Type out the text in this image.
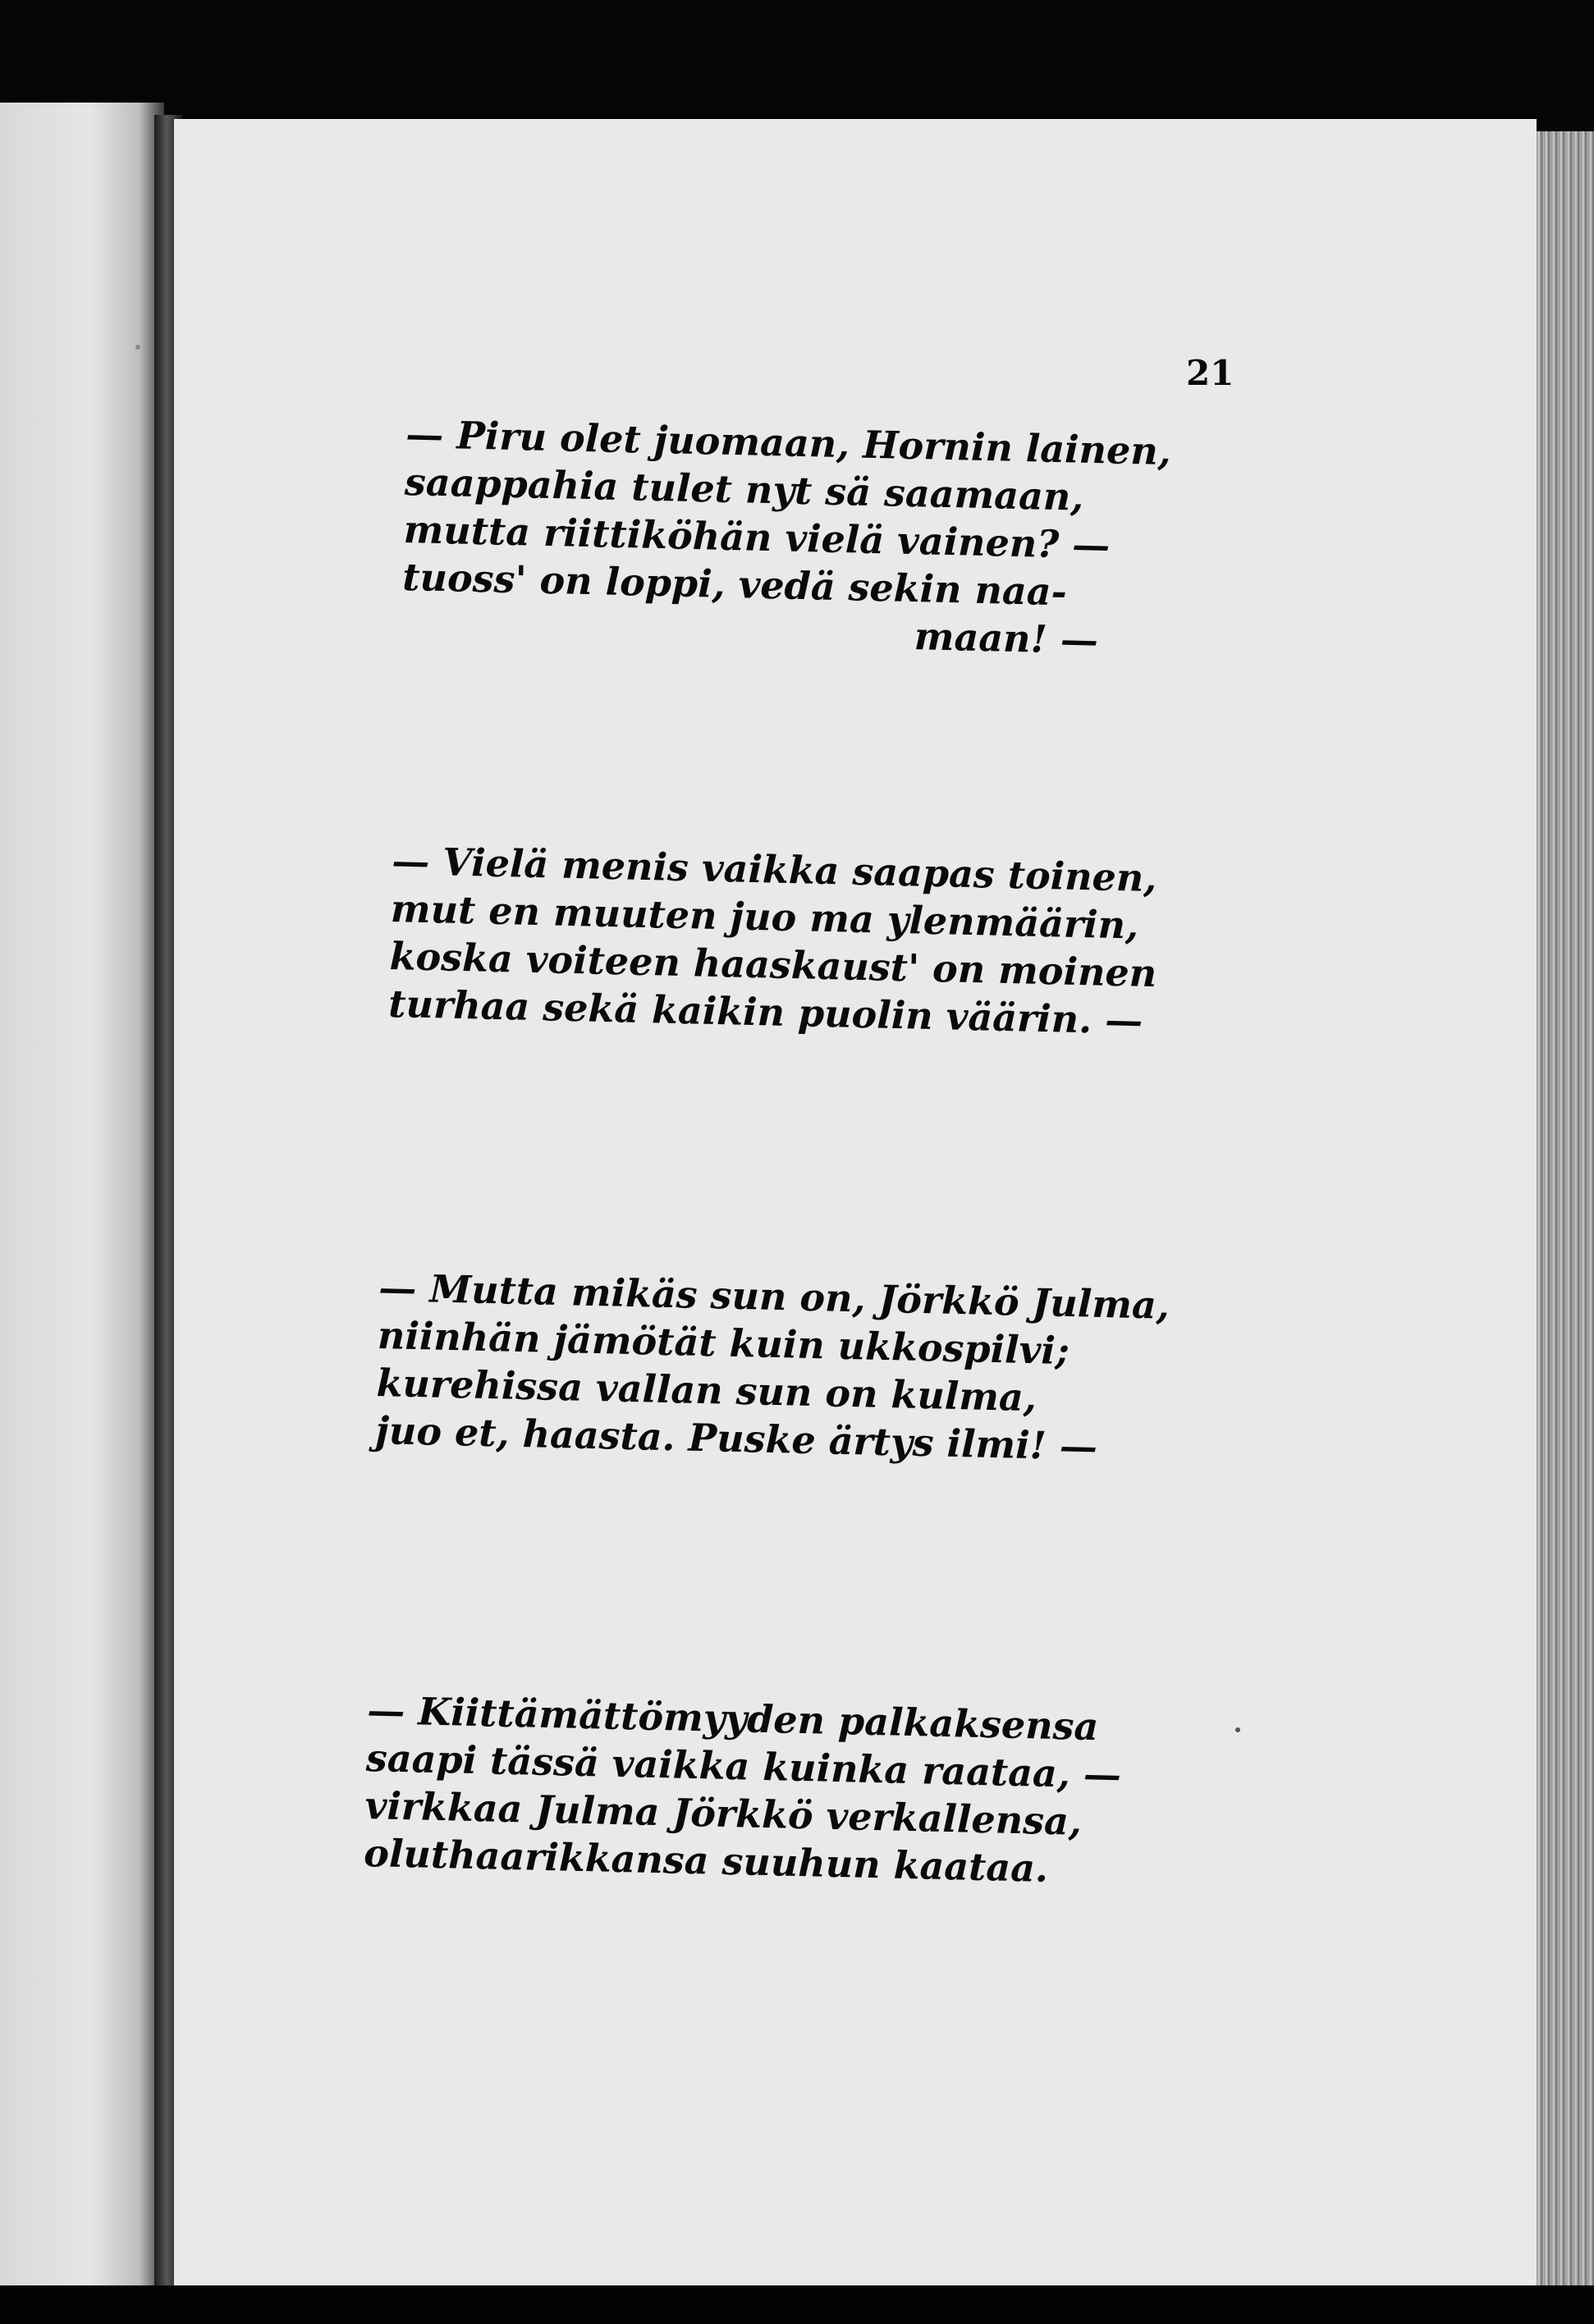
21

— Piru olet juomaan, Hornin lainen,
saappahia tulet nyt sä saamaan,
mutta riittiköhän vielä vainen? —
tuoss' on loppi, vedä sekin naa-
maan! —

— Vielä menis vaikka saapas toinen,
mut en muuten juo ma ylenmäärin,
koska voiteen haaskaust' on moinen
turhaa sekä kaikin puolin väärin. —

— Mutta mikäs sun on, Jörkkö Julma,
niinhän jämötät kuin ukkospilvi;
kurehissa vallan sun on kulma,
juo et, haasta. Puske ärtys ilmi! —

— Kiittämättömyyden palkaksensa
saapi tässä vaikka kuinka raataa, —
virkkaa Julma Jörkkö verkallensa,
oluthaarikkansa suuhun kaataa.
